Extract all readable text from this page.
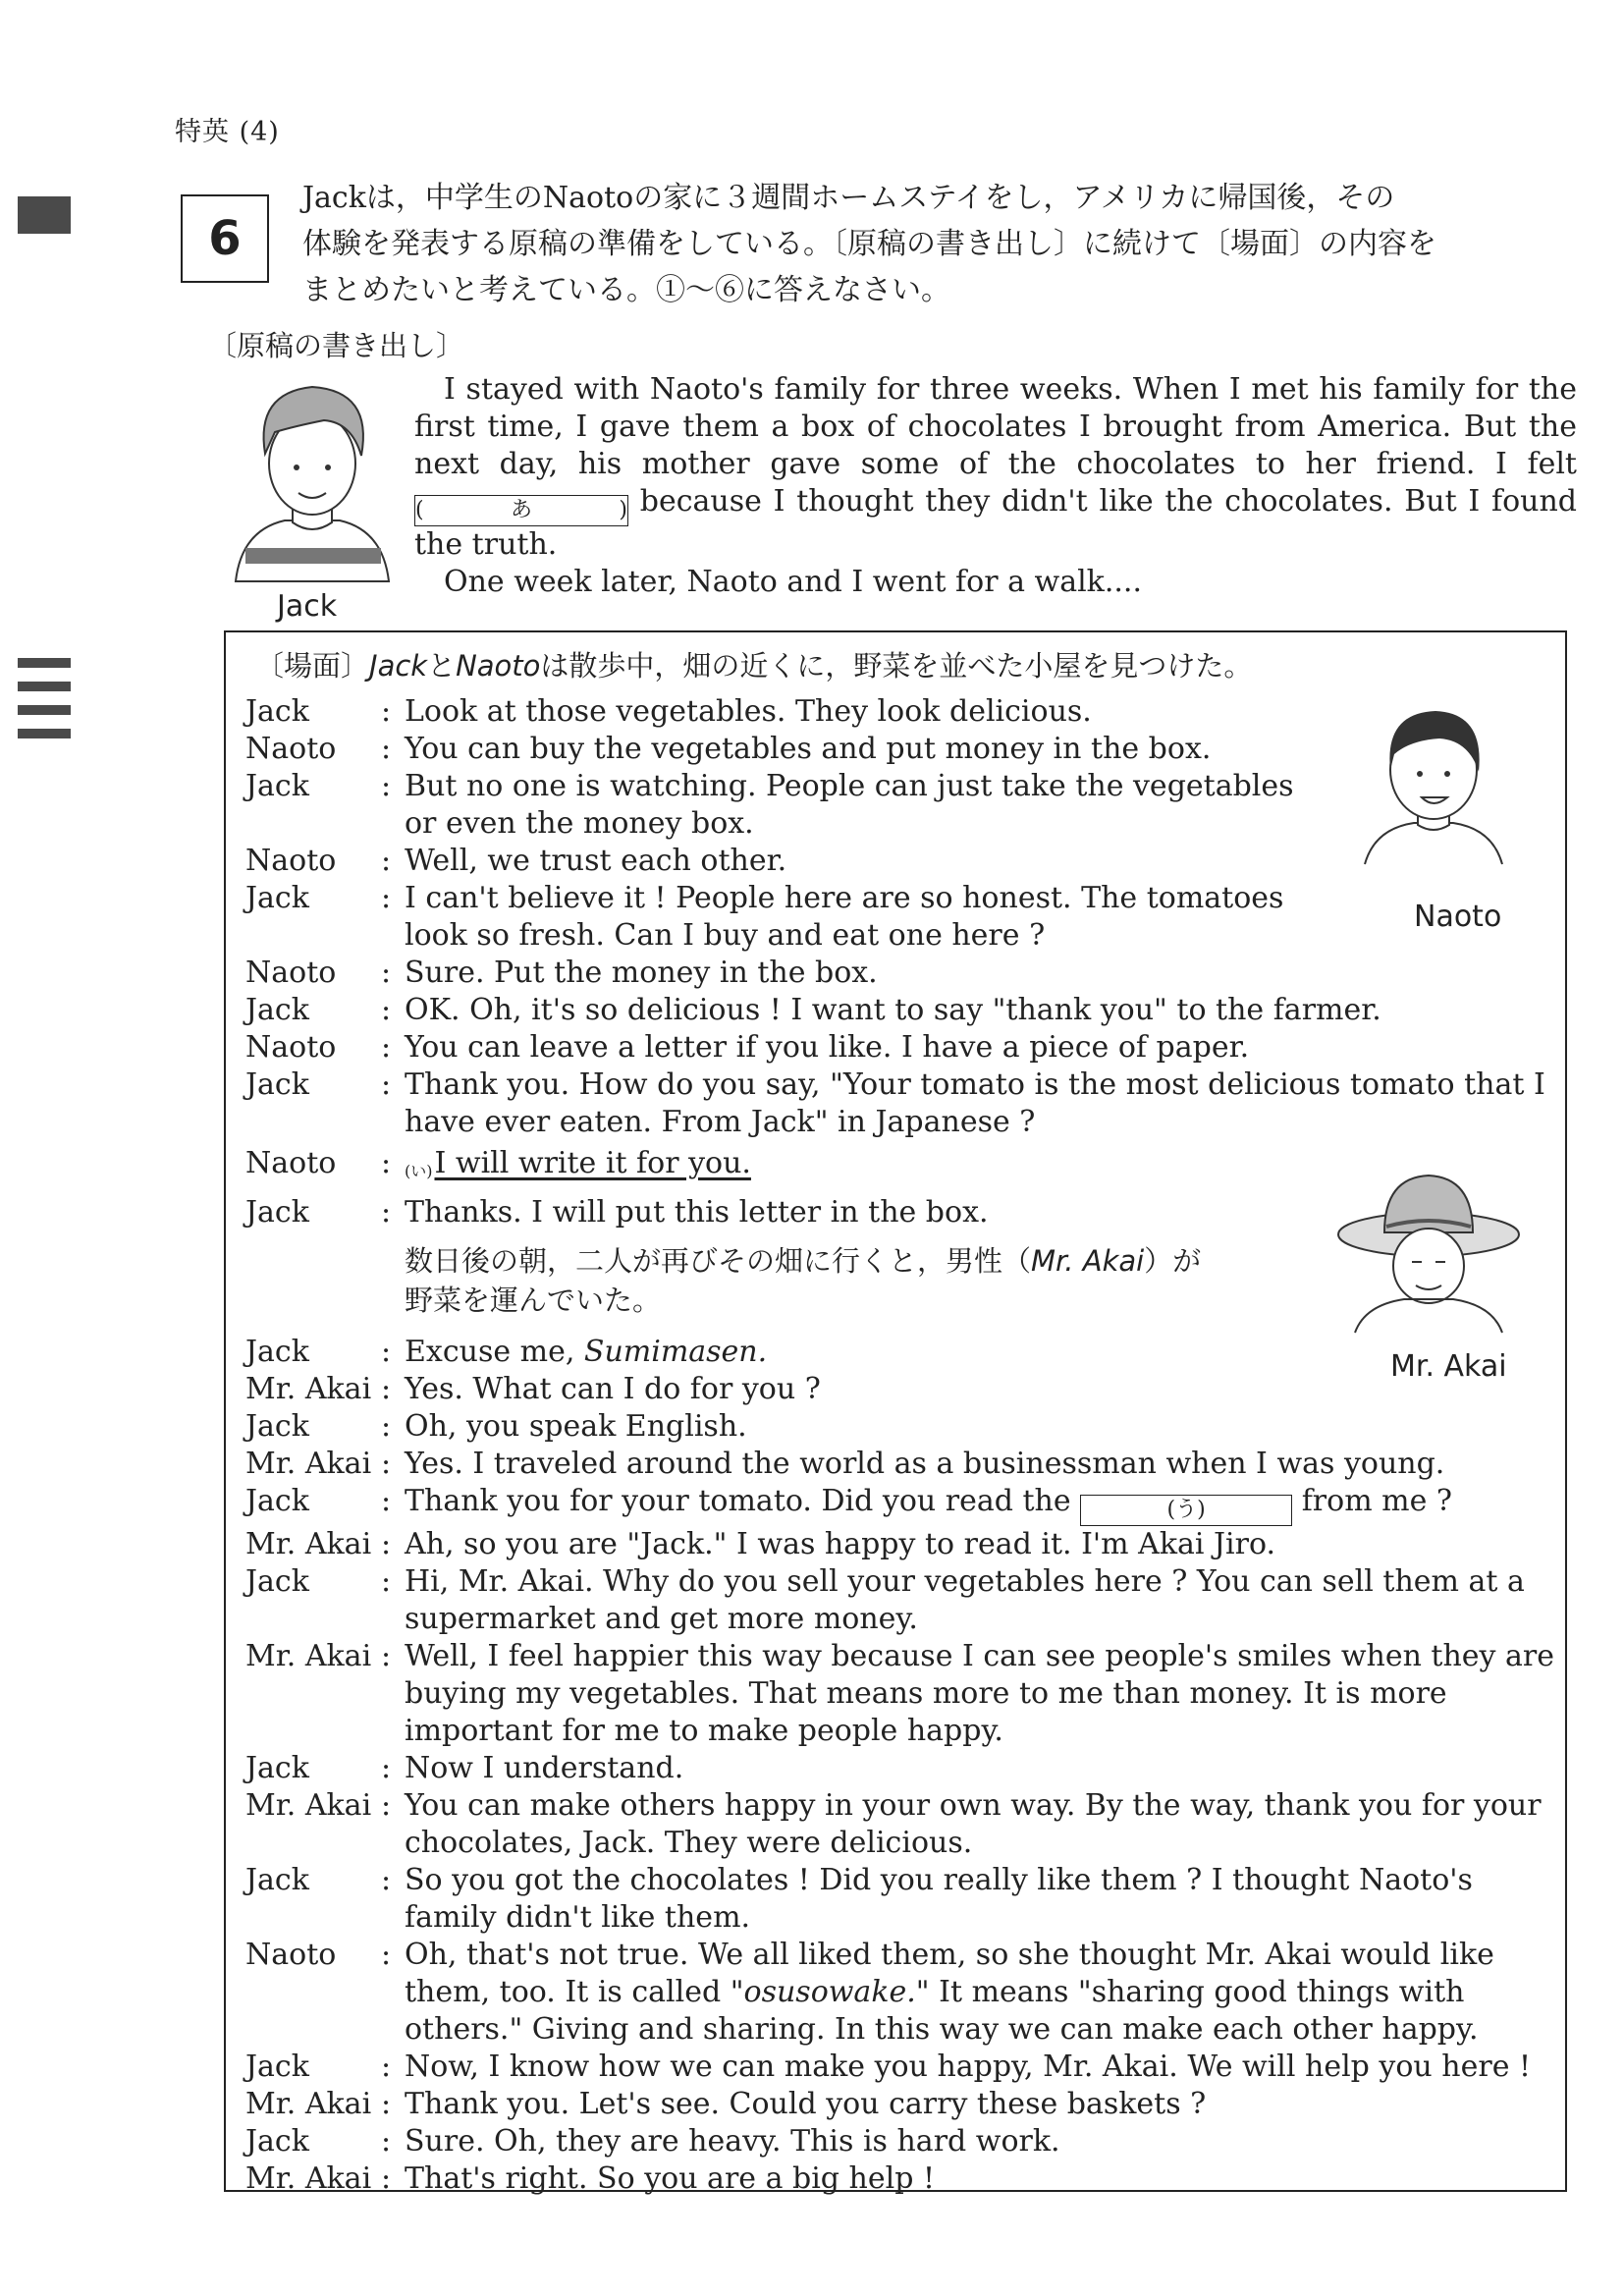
特英 (4)
6
Jackは，中学生のNaotoの家に３週間ホームステイをし，アメリカに帰国後，その
体験を発表する原稿の準備をしている。〔原稿の書き出し〕に続けて〔場面〕の内容を
まとめたいと考えている。①～⑥に答えなさい。
〔原稿の書き出し〕
Jack

I stayed with Naoto's family for three weeks. When I met his family for the

first time, I gave them a box of chocolates I brought from America. But the

next day, his mother gave some of the chocolates to her friend. I felt

(あ) because I thought they didn't like the chocolates. But I found

the truth.

One week later, Naoto and I went for a walk....

〔場面〕JackとNaotoは散歩中，畑の近くに，野菜を並べた小屋を見つけた。
Naoto
Mr. Akai
Jack	: Look at those vegetables. They look delicious.
Naoto	: You can buy the vegetables and put money in the box.
Jack	: But no one is watching. People can just take the vegetables or even the money box.
Naoto	: Well, we trust each other.
Jack	: I can't believe it ! People here are so honest. The tomatoes look so fresh. Can I buy and eat one here ?
Naoto	: Sure. Put the money in the box.
Jack	: OK. Oh, it's so delicious ! I want to say "thank you" to the farmer.
Naoto	: You can leave a letter if you like. I have a piece of paper.
Jack	: Thank you. How do you say, "Your tomato is the most delicious tomato that I have ever eaten. From Jack" in Japanese ?
Naoto	: (い)I will write it for you.
Jack	: Thanks. I will put this letter in the box.
数日後の朝，二人が再びその畑に行くと，男性（Mr. Akai）が
野菜を運んでいた。
Jack	: Excuse me, Sumimasen.
Mr. Akai : Yes. What can I do for you ?
Jack	: Oh, you speak English.
Mr. Akai : Yes. I traveled around the world as a businessman when I was young.
Jack	: Thank you for your tomato. Did you read the	(う)	from me ?
Mr. Akai : Ah, so you are "Jack." I was happy to read it. I'm Akai Jiro.
Jack	: Hi, Mr. Akai. Why do you sell your vegetables here ? You can sell them at a supermarket and get more money.
Mr. Akai : Well, I feel happier this way because I can see people's smiles when they are buying my vegetables. That means more to me than money. It is more important for me to make people happy.
Jack	: Now I understand.
Mr. Akai : You can make others happy in your own way. By the way, thank you for your chocolates, Jack. They were delicious.
Jack	: So you got the chocolates ! Did you really like them ? I thought Naoto's family didn't like them.
Naoto	: Oh, that's not true. We all liked them, so she thought Mr. Akai would like them, too. It is called "osusowake." It means "sharing good things with others." Giving and sharing. In this way we can make each other happy.
Jack	: Now, I know how we can make you happy, Mr. Akai. We will help you here !
Mr. Akai : Thank you. Let's see. Could you carry these baskets ?
Jack	: Sure. Oh, they are heavy. This is hard work.
Mr. Akai : That's right. So you are a big help !
